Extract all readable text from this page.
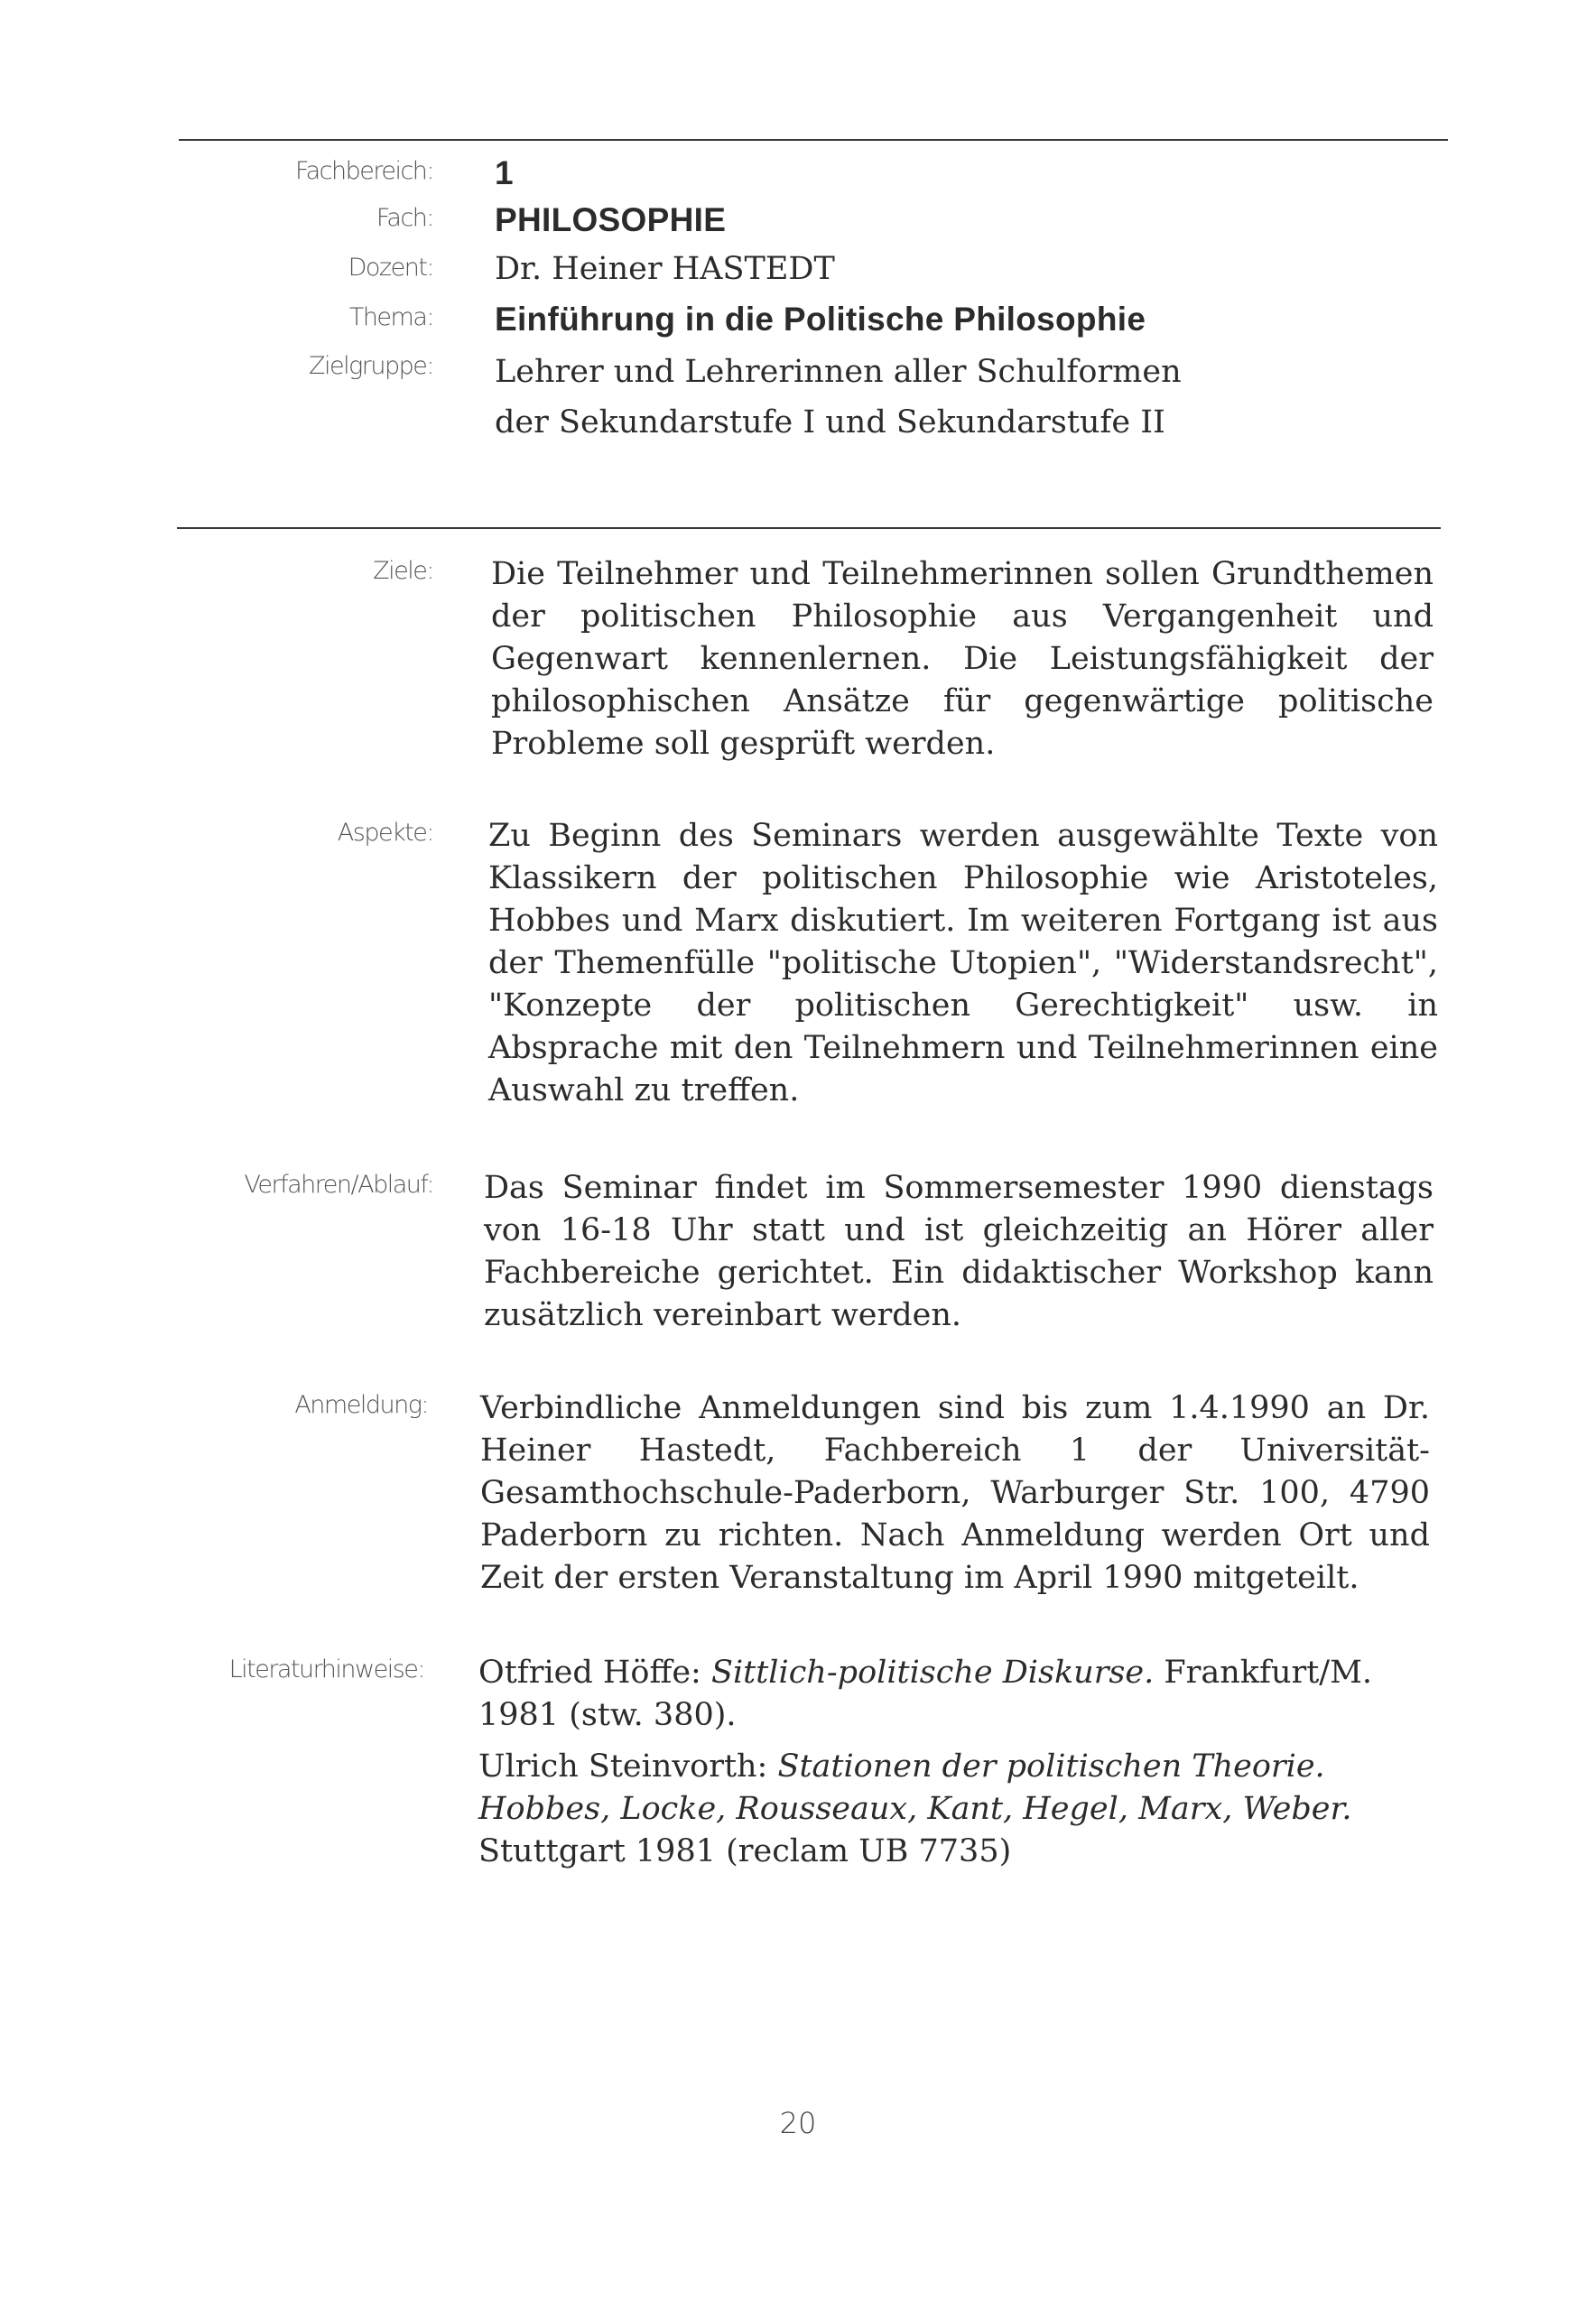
Fachbereich: 1
Fach: PHILOSOPHIE
Dozent: Dr. Heiner HASTEDT
Thema: Einführung in die Politische Philosophie
Zielgruppe: Lehrer und Lehrerinnen aller Schulformen der Sekundarstufe I und Sekundarstufe II
Ziele: Die Teilnehmer und Teilnehmerinnen sollen Grundthemen der politischen Philosophie aus Vergangenheit und Gegenwart kennenlernen. Die Leistungsfähigkeit der philosophischen Ansätze für gegenwärtige politische Probleme soll gesprüft werden.
Aspekte: Zu Beginn des Seminars werden ausgewählte Texte von Klassikern der politischen Philosophie wie Aristoteles, Hobbes und Marx diskutiert. Im weiteren Fortgang ist aus der Themenfülle "politische Utopien", "Widerstandsrecht", "Konzepte der politischen Gerechtigkeit" usw. in Absprache mit den Teilnehmern und Teilnehmerinnen eine Auswahl zu treffen.
Verfahren/Ablauf: Das Seminar findet im Sommersemester 1990 dienstags von 16-18 Uhr statt und ist gleichzeitig an Hörer aller Fachbereiche gerichtet. Ein didaktischer Workshop kann zusätzlich vereinbart werden.
Anmeldung: Verbindliche Anmeldungen sind bis zum 1.4.1990 an Dr. Heiner Hastedt, Fachbereich 1 der Universität-Gesamthochschule-Paderborn, Warburger Str. 100, 4790 Paderborn zu richten. Nach Anmeldung werden Ort und Zeit der ersten Veranstaltung im April 1990 mitgeteilt.
Literaturhinweise: Otfried Höffe: Sittlich-politische Diskurse. Frankfurt/M. 1981 (stw. 380).
Ulrich Steinvorth: Stationen der politischen Theorie. Hobbes, Locke, Rousseaux, Kant, Hegel, Marx, Weber. Stuttgart 1981 (reclam UB 7735)
20
